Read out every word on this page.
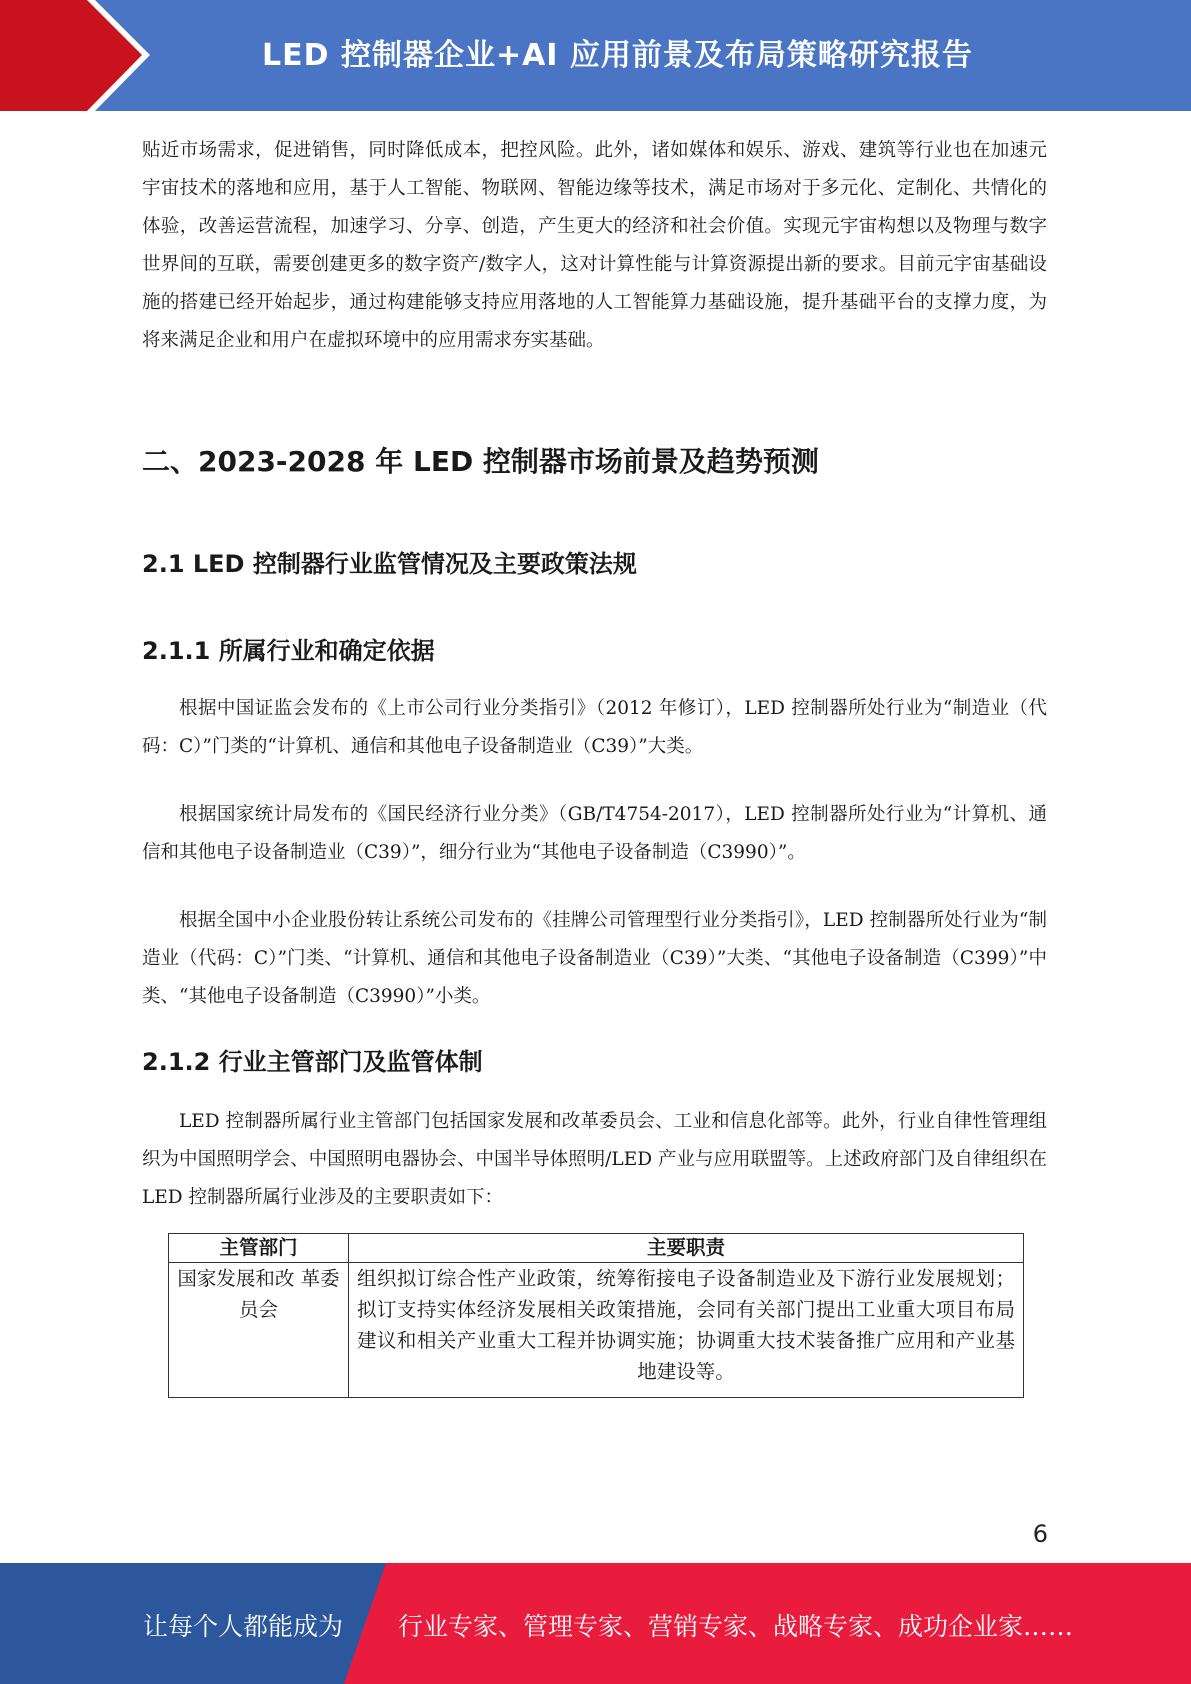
LED 控制器企业+AI 应用前景及布局策略研究报告

贴近市场需求，促进销售，同时降低成本，把控风险。此外，诸如媒体和娱乐、游戏、建筑等行业也在加速元宇宙技术的落地和应用，基于人工智能、物联网、智能边缘等技术，满足市场对于多元化、定制化、共情化的体验，改善运营流程，加速学习、分享、创造，产生更大的经济和社会价值。实现元宇宙构想以及物理与数字世界间的互联，需要创建更多的数字资产/数字人，这对计算性能与计算资源提出新的要求。目前元宇宙基础设施的搭建已经开始起步，通过构建能够支持应用落地的人工智能算力基础设施，提升基础平台的支撑力度，为将来满足企业和用户在虚拟环境中的应用需求夯实基础。

二、2023-2028 年 LED 控制器市场前景及趋势预测
2.1 LED 控制器行业监管情况及主要政策法规
2.1.1 所属行业和确定依据

根据中国证监会发布的《上市公司行业分类指引》（2012 年修订），LED 控制器所处行业为“制造业（代码：C）”门类的“计算机、通信和其他电子设备制造业（C39）”大类。

根据国家统计局发布的《国民经济行业分类》（GB/T4754-2017），LED 控制器所处行业为“计算机、通信和其他电子设备制造业（C39）”，细分行业为“其他电子设备制造（C3990）”。

根据全国中小企业股份转让系统公司发布的《挂牌公司管理型行业分类指引》，LED 控制器所处行业为“制造业（代码：C）”门类、“计算机、通信和其他电子设备制造业（C39）”大类、“其他电子设备制造（C399）”中类、“其他电子设备制造（C3990）”小类。

2.1.2 行业主管部门及监管体制

LED 控制器所属行业主管部门包括国家发展和改革委员会、工业和信息化部等。此外，行业自律性管理组织为中国照明学会、中国照明电器协会、中国半导体照明/LED 产业与应用联盟等。上述政府部门及自律组织在 LED 控制器所属行业涉及的主要职责如下：

主管部门	主要职责
国家发展和改 革委员会	组织拟订综合性产业政策，统筹衔接电子设备制造业及下游行业发展规划；拟订支持实体经济发展相关政策措施，会同有关部门提出工业重大项目布局建议和相关产业重大工程并协调实施；协调重大技术装备推广应用和产业基地建设等。
6
让每个人都能成为 行业专家、管理专家、营销专家、战略专家、成功企业家……
